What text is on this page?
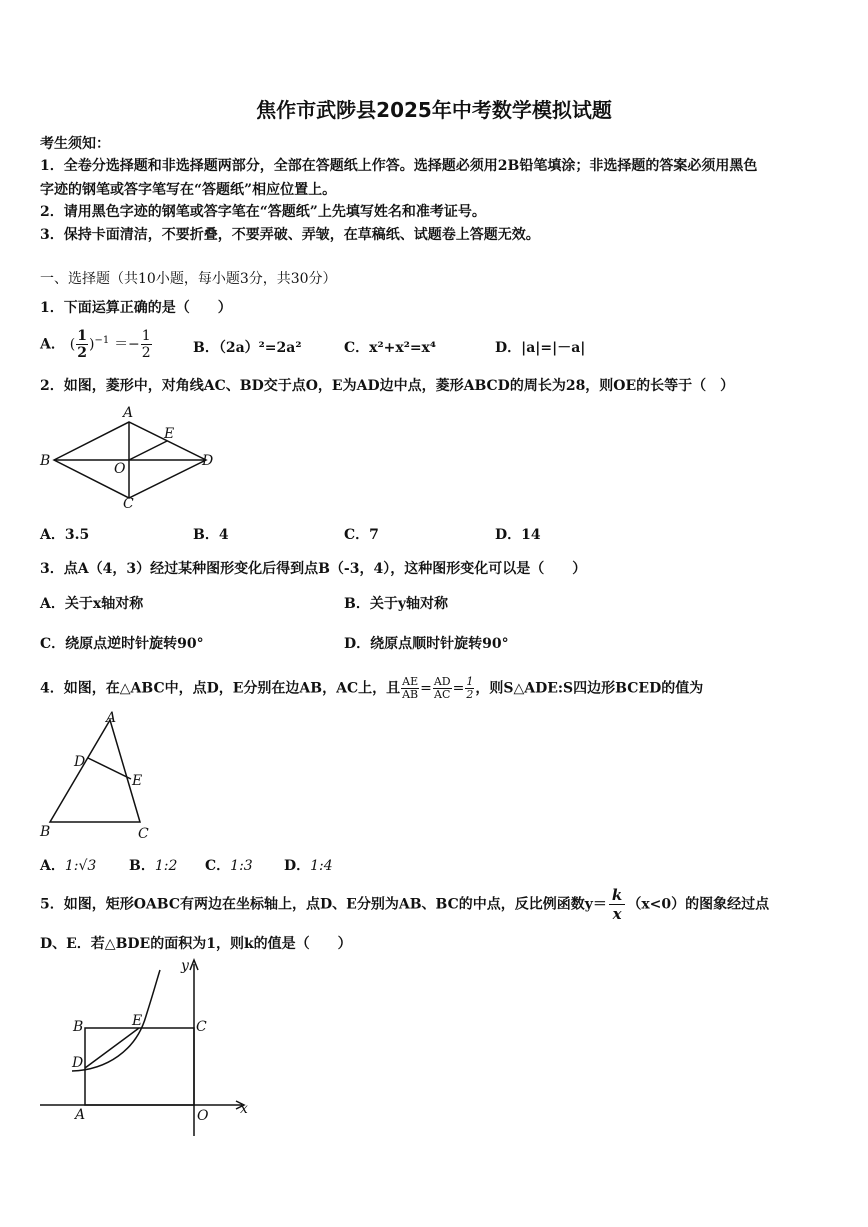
焦作市武陟县2025年中考数学模拟试题
考生须知：
1．全卷分选择题和非选择题两部分，全部在答题纸上作答。选择题必须用2B铅笔填涂；非选择题的答案必须用黑色
字迹的钢笔或答字笔写在“答题纸”相应位置上。
2．请用黑色字迹的钢笔或答字笔在“答题纸”上先填写姓名和准考证号。
3．保持卡面清洁，不要折叠，不要弄破、弄皱，在草稿纸、试题卷上答题无效。
一、选择题（共10小题，每小题3分，共30分）
1．下面运算正确的是（　　）
A． ( $\frac{1}{2} )^{-1} =- \frac{1}{2}$	B．（2a）²=2a²	C．x²+x²=x⁴	D．|a|=|－a|
2．如图，菱形中，对角线AC、BD交于点O，E为AD边中点，菱形ABCD的周长为28，则OE的长等于（　）
A
B
C
D
E
O
A．3.5	B．4	C．7	D．14
3．点A（4，3）经过某种图形变化后得到点B（-3，4），这种图形变化可以是（　　）
A．关于x轴对称	B．关于y轴对称
C．绕原点逆时针旋转90°	D．绕原点顺时针旋转90°
4．如图，在△ABC中，点D，E分别在边AB，AC上，且 $\frac{AE}{AB} = \frac{AD}{AC} = \frac{1}{2}$ ，则S△ADE:S四边形BCED的值为
A
D
E
B	C
A．1:√3 B．1:2 C．1:3 D．1:4
5．如图，矩形OABC有两边在坐标轴上，点D、E分别为AB、BC的中点，反比例函数$y= \frac{k}{x} (x<0)$的图象经过点
D、E．若△BDE的面积为1，则k的值是（　　）
y
x
B	E	C
D
A	O
